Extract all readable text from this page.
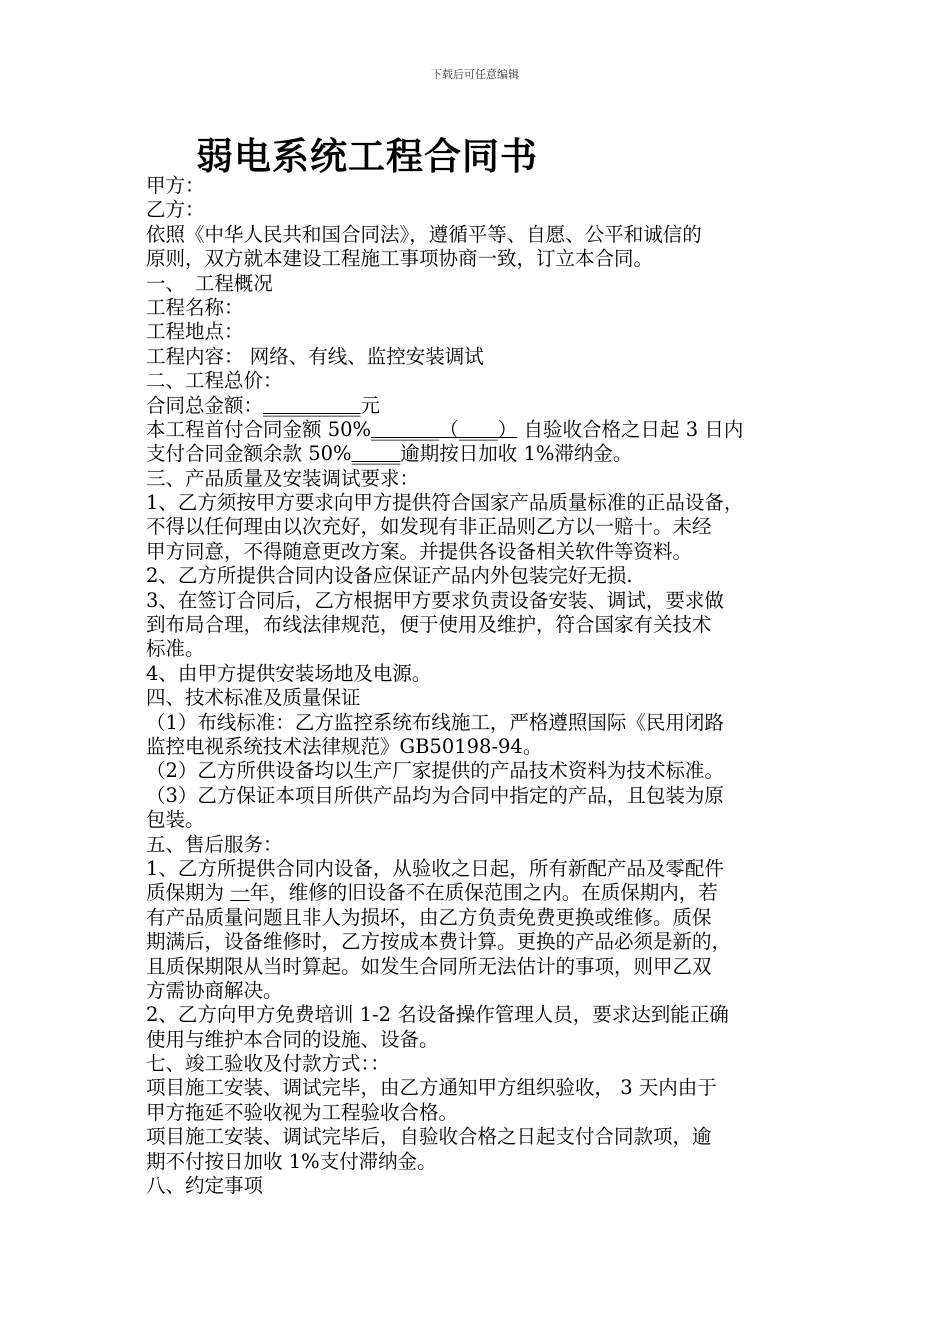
下载后可任意编辑
弱电系统工程合同书
甲方：
乙方：
依照《中华人民共和国合同法》，遵循平等、自愿、公平和诚信的
原则，双方就本建设工程施工事项协商一致，订立本合同。
一、　工程概况
工程名称：
工程地点：
工程内容： 网络、有线、监控安装调试
二、工程总价：
合同总金额：__________元
本工程首付合同金额 50%_______（____） 自验收合格之日起 3 日内
支付合同金额余款 50%_____逾期按日加收 1%滞纳金。
三、产品质量及安装调试要求：
1、乙方须按甲方要求向甲方提供符合国家产品质量标准的正品设备，
不得以任何理由以次充好，如发现有非正品则乙方以一赔十。未经
甲方同意，不得随意更改方案。并提供各设备相关软件等资料。
2、乙方所提供合同内设备应保证产品内外包装完好无损.
3、在签订合同后，乙方根据甲方要求负责设备安装、调试，要求做
到布局合理，布线法律规范，便于使用及维护，符合国家有关技术
标准。
4、由甲方提供安装场地及电源。
四、技术标准及质量保证
（1）布线标准：乙方监控系统布线施工，严格遵照国际《民用闭路
监控电视系统技术法律规范》GB50198-94。
（2）乙方所供设备均以生产厂家提供的产品技术资料为技术标准。
（3）乙方保证本项目所供产品均为合同中指定的产品，且包装为原
包装。
五、售后服务：
1、乙方所提供合同内设备，从验收之日起，所有新配产品及零配件
质保期为 一年，维修的旧设备不在质保范围之内。在质保期内，若
有产品质量问题且非人为损坏，由乙方负责免费更换或维修。质保
期满后，设备维修时，乙方按成本费计算。更换的产品必须是新的，
且质保期限从当时算起。如发生合同所无法估计的事项，则甲乙双
方需协商解决。
2、乙方向甲方免费培训 1-2 名设备操作管理人员，要求达到能正确
使用与维护本合同的设施、设备。
七、竣工验收及付款方式：：
项目施工安装、调试完毕，由乙方通知甲方组织验收， 3 天内由于
甲方拖延不验收视为工程验收合格。
项目施工安装、调试完毕后，自验收合格之日起支付合同款项，逾
期不付按日加收 1%支付滞纳金。
八、约定事项
